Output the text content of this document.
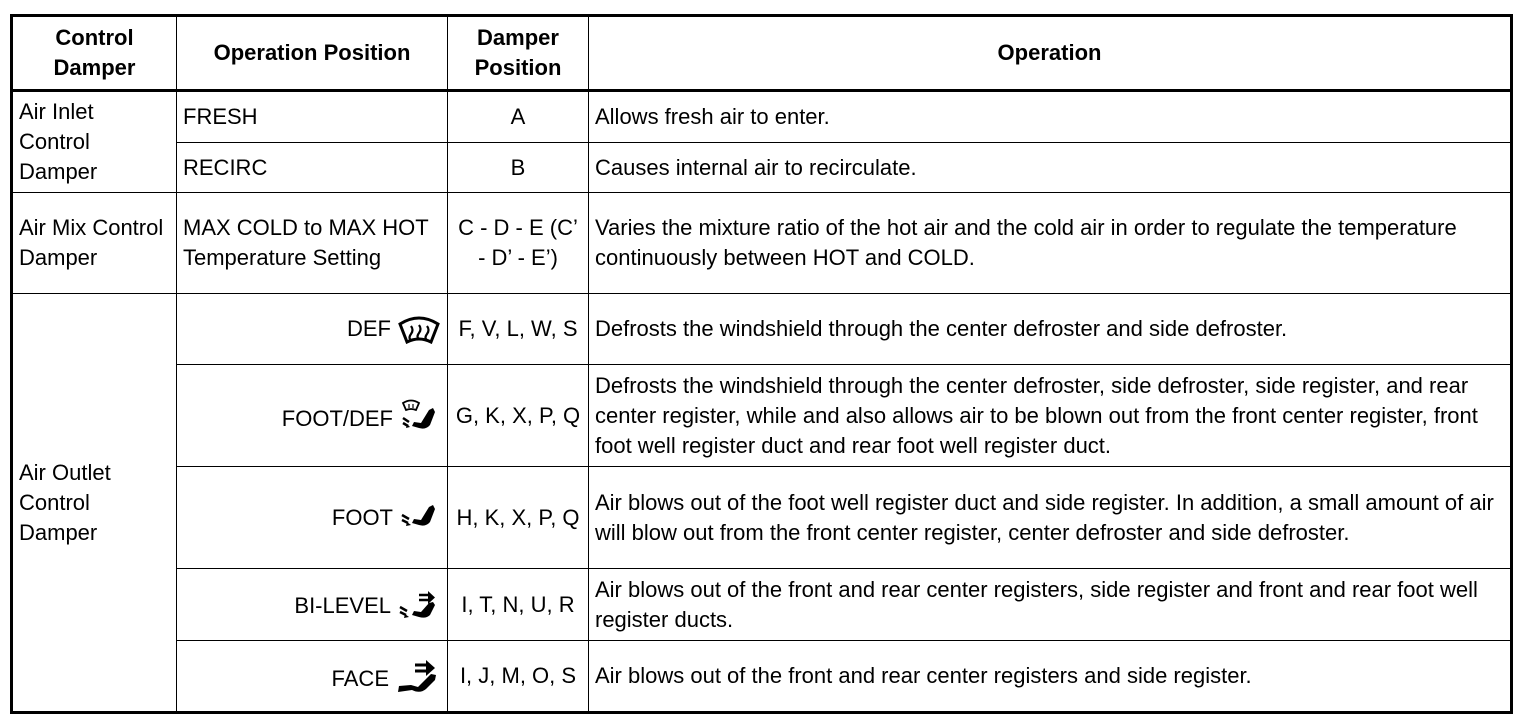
Control Damper	Operation Position	Damper Position	Operation
Air Inlet Control Damper	FRESH	A	Allows fresh air to enter.
	RECIRC	B	Causes internal air to recirculate.
Air Mix Control Damper	MAX COLD to MAX HOT Temperature Setting	C - D - E (C’ - D’ - E’)	Varies the mixture ratio of the hot air and the cold air in order to regulate the temperature continuously between HOT and COLD.
Air Outlet Control Damper	DEF	F, V, L, W, S	Defrosts the windshield through the center defroster and side defroster.

	FOOT/DEF	G, K, X, P, Q	Defrosts the windshield through the center defroster, side defroster, side register, and rear center register, while and also allows air to be blown out from the front center register, front foot well register duct and rear foot well register duct.

	FOOT	H, K, X, P, Q	Air blows out of the foot well register duct and side register. In addition, a small amount of air will blow out from the front center register, center defroster and side defroster.

	BI-LEVEL	I, T, N, U, R	Air blows out of the front and rear center registers, side register and front and rear foot well register ducts.

	FACE	I, J, M, O, S	Air blows out of the front and rear center registers and side register.
